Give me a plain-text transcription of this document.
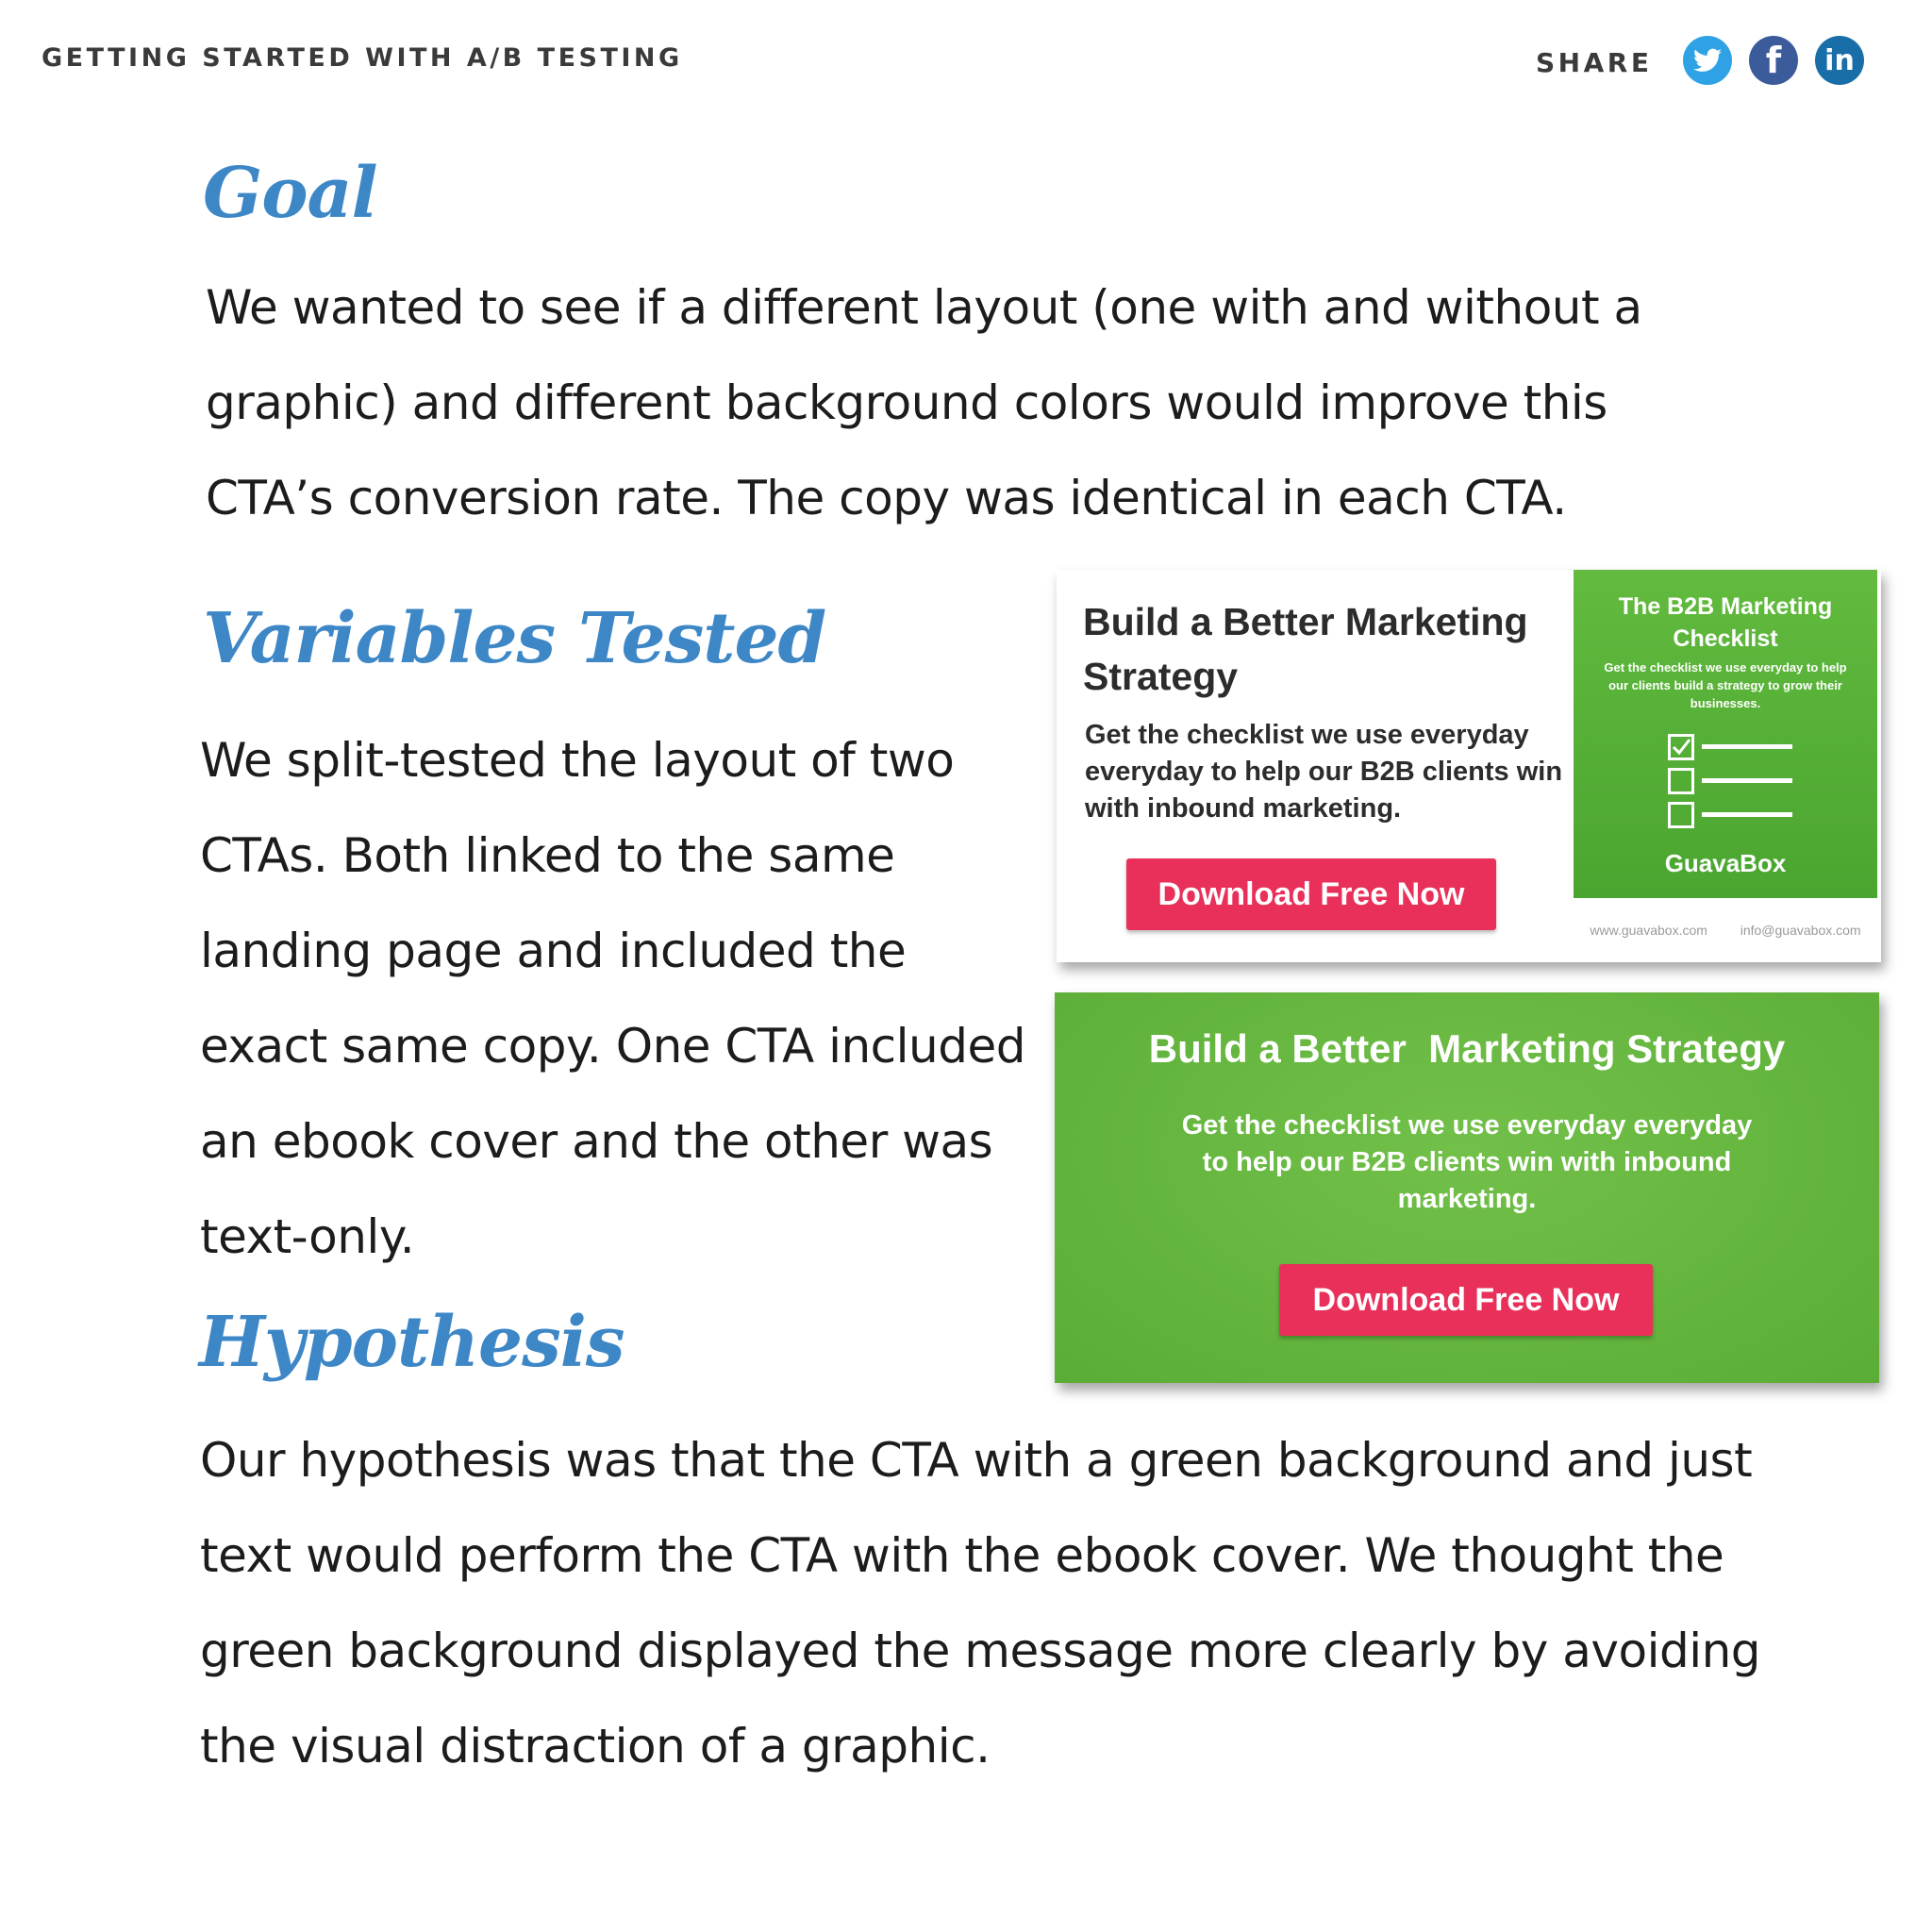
GETTING STARTED WITH A/B TESTING	SHARE	f	in
Goal

We wanted to see if a different layout (one with and without a graphic) and different background colors would improve this CTA’s conversion rate. The copy was identical in each CTA.

Variables Tested

We split-tested the layout of two CTAs. Both linked to the same landing page and included the exact same copy. One CTA included an ebook cover and the other was text-only.

Hypothesis

Our hypothesis was that the CTA with a green background and just text would perform the CTA with the ebook cover. We thought the green background displayed the message more clearly by avoiding the visual distraction of a graphic.

Build a Better Marketing Strategy
Get the checklist we use everyday everyday to help our B2B clients win with inbound marketing.
Download Free Now
The B2B Marketing Checklist
Get the checklist we use everyday to help our clients build a strategy to grow their businesses.
GuavaBox
www.guavabox.com info@guavabox.com
Build a Better  Marketing Strategy
Get the checklist we use everyday everyday to help our B2B clients win with inbound marketing.
Download Free Now
